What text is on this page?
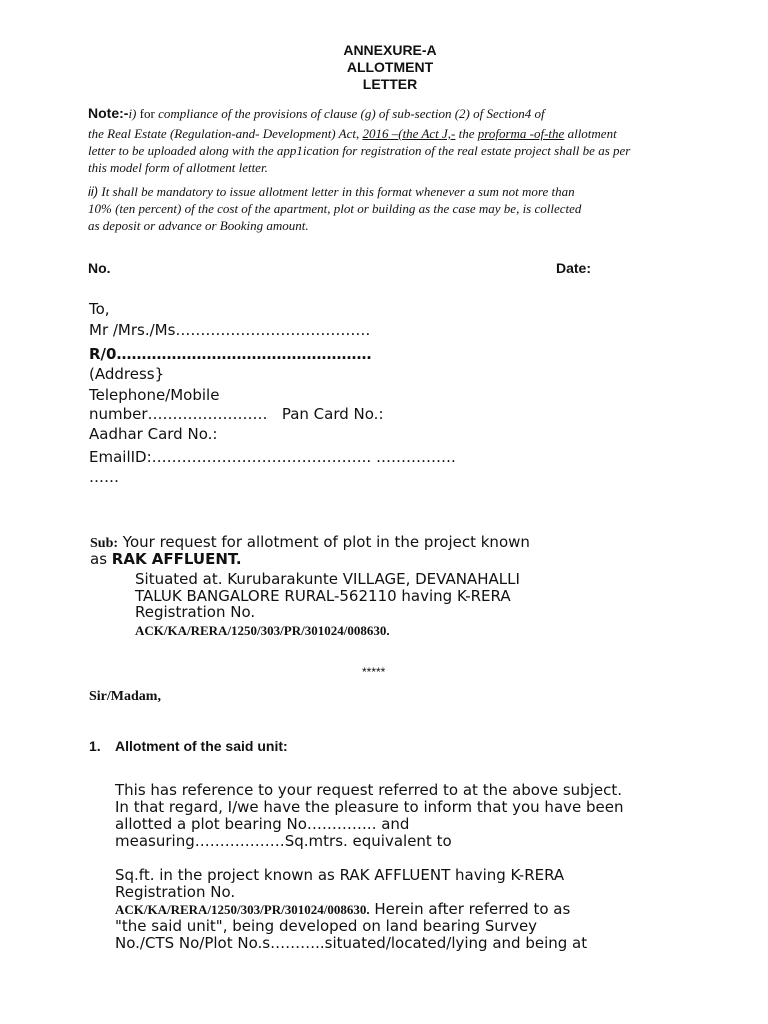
ANNEXURE-A
ALLOTMENT
LETTER
Note:-i) for compliance of the provisions of clause (g) of sub-section (2) of Section4 of
the Real Estate (Regulation-and- Development) Act, 2016 –(the Act J,- the proforma -of-the allotment
letter to be uploaded along with the app1ication for registration of the real estate project shall be as per
this model form of allotment letter.
ii) It shall be mandatory to issue allotment letter in this format whenever a sum not more than
10% (ten percent) of the cost of the apartment, plot or building as the case may be, is collected
as deposit or advance or Booking amount.
No.	Date:
To,
Mr /Mrs./Ms…………………………………
R/0……………………………………………
(Address}
Telephone/Mobile
number……………………   Pan Card No.:
Aadhar Card No.:
EmailID:…………………………………….. …………….
……
Sub: Your request for allotment of plot in the project known
as RAK AFFLUENT.
Situated at. Kurubarakunte VILLAGE, DEVANAHALLI
TALUK BANGALORE RURAL-562110 having K-RERA
Registration No.
ACK/KA/RERA/1250/303/PR/301024/008630.
*****
Sir/Madam,
1. Allotment of the said unit:
This has reference to your request referred to at the above subject.
In that regard, I/we have the pleasure to inform that you have been
allotted a plot bearing No………….. and
measuring………………Sq.mtrs. equivalent to
Sq.ft. in the project known as RAK AFFLUENT having K-RERA
Registration No.
ACK/KA/RERA/1250/303/PR/301024/008630. Herein after referred to as
"the said unit", being developed on land bearing Survey
No./CTS No/Plot No.s………..situated/located/lying and being at
